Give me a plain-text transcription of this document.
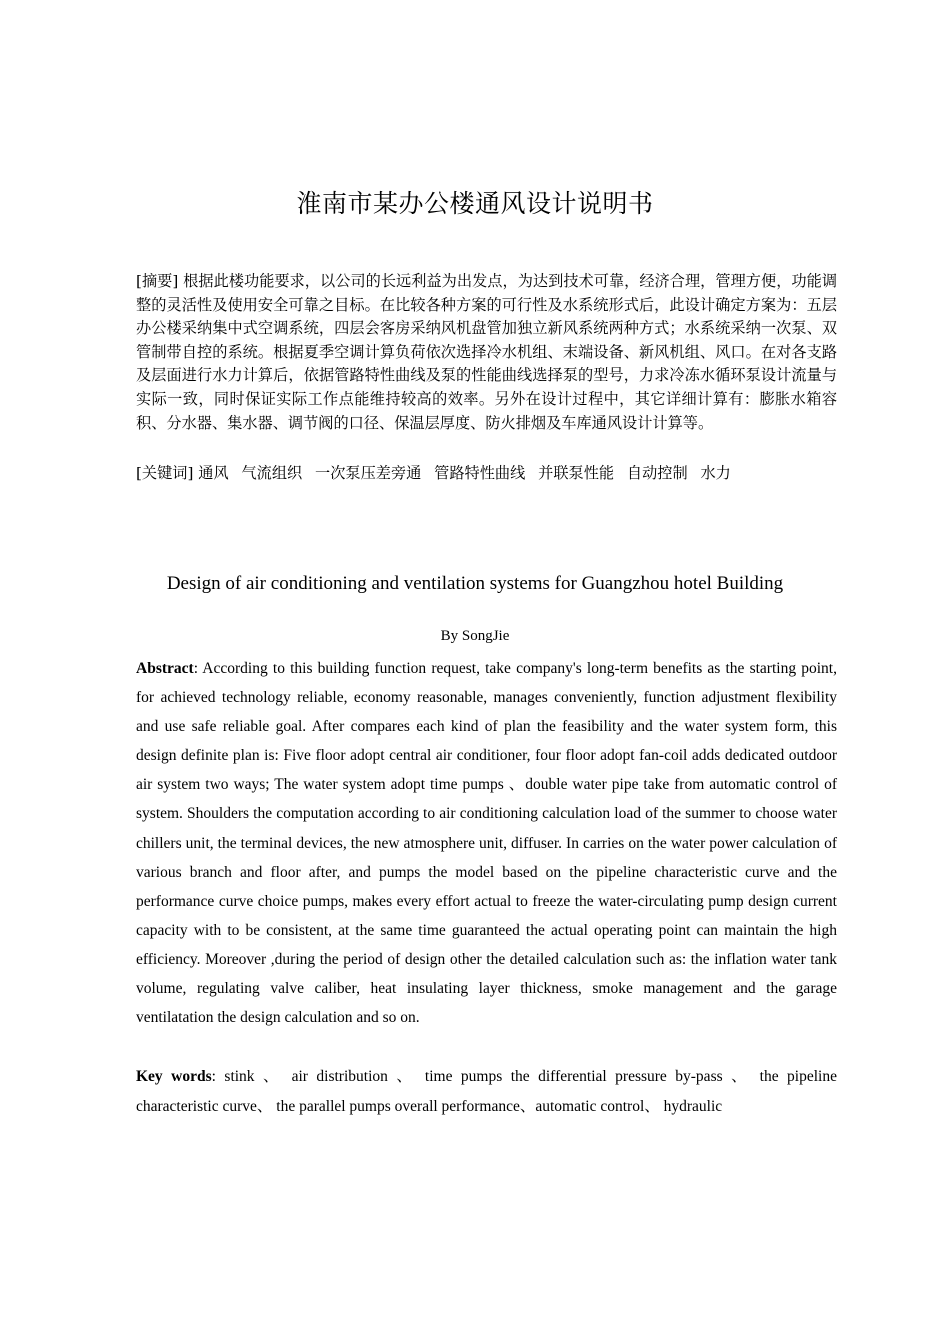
淮南市某办公楼通风设计说明书

[摘要] 根据此楼功能要求，以公司的长远利益为出发点，为达到技术可靠，经济合理，管理方便，功能调整的灵活性及使用安全可靠之目标。在比较各种方案的可行性及水系统形式后，此设计确定方案为：五层办公楼采纳集中式空调系统，四层会客房采纳风机盘管加独立新风系统两种方式；水系统采纳一次泵、双管制带自控的系统。根据夏季空调计算负荷依次选择冷水机组、末端设备、新风机组、风口。在对各支路及层面进行水力计算后，依据管路特性曲线及泵的性能曲线选择泵的型号，力求冷冻水循环泵设计流量与实际一致，同时保证实际工作点能维持较高的效率。另外在设计过程中，其它详细计算有：膨胀水箱容积、分水器、集水器、调节阀的口径、保温层厚度、防火排烟及车库通风设计计算等。

[关键词] 通风 气流组织 一次泵压差旁通 管路特性曲线 并联泵性能 自动控制 水力
Design of air conditioning and ventilation systems for Guangzhou hotel Building
By SongJie

Abstract: According to this building function request, take company's long-term benefits as the starting point, for achieved technology reliable, economy reasonable, manages conveniently, function adjustment flexibility and use safe reliable goal. After compares each kind of plan the feasibility and the water system form, this design definite plan is: Five floor adopt central air conditioner, four floor adopt fan-coil adds dedicated outdoor air system two ways; The water system adopt time pumps 、double water pipe take from automatic control of system. Shoulders the computation according to air conditioning calculation load of the summer to choose water chillers unit, the terminal devices, the new atmosphere unit, diffuser. In carries on the water power calculation of various branch and floor after, and pumps the model based on the pipeline characteristic curve and the performance curve choice pumps, makes every effort actual to freeze the water-circulating pump design current capacity with to be consistent, at the same time guaranteed the actual operating point can maintain the high efficiency. Moreover ,during the period of design other the detailed calculation such as: the inflation water tank volume, regulating valve caliber, heat insulating layer thickness, smoke management and the garage ventilatation the design calculation and so on.

Key words: stink 、 air distribution 、 time pumps the differential pressure by-pass 、 the pipeline characteristic curve、 the parallel pumps overall performance、automatic control、 hydraulic
